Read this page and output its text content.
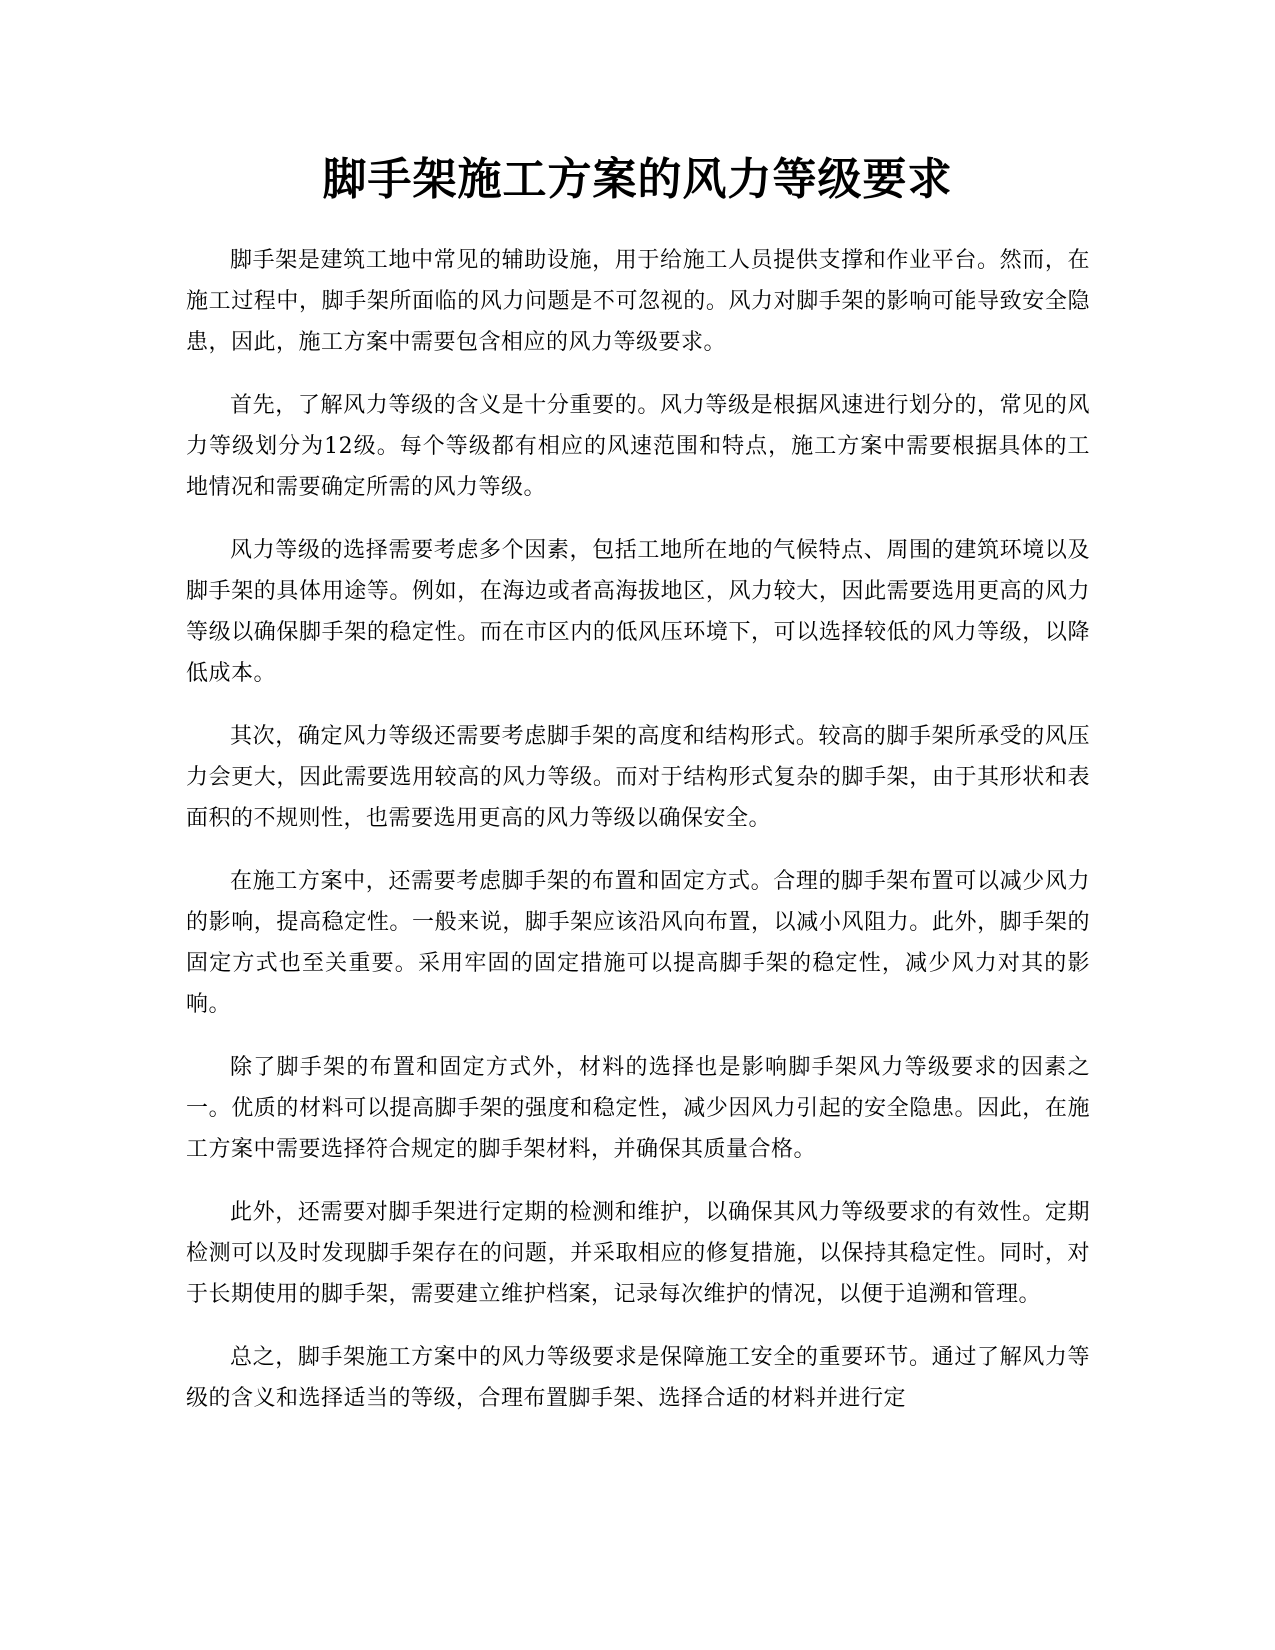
脚手架施工方案的风力等级要求

脚手架是建筑工地中常见的辅助设施，用于给施工人员提供支撑和作业平台。然而，在施工过程中，脚手架所面临的风力问题是不可忽视的。风力对脚手架的影响可能导致安全隐患，因此，施工方案中需要包含相应的风力等级要求。

首先，了解风力等级的含义是十分重要的。风力等级是根据风速进行划分的，常见的风力等级划分为12级。每个等级都有相应的风速范围和特点，施工方案中需要根据具体的工地情况和需要确定所需的风力等级。

风力等级的选择需要考虑多个因素，包括工地所在地的气候特点、周围的建筑环境以及脚手架的具体用途等。例如，在海边或者高海拔地区，风力较大，因此需要选用更高的风力等级以确保脚手架的稳定性。而在市区内的低风压环境下，可以选择较低的风力等级，以降低成本。

其次，确定风力等级还需要考虑脚手架的高度和结构形式。较高的脚手架所承受的风压力会更大，因此需要选用较高的风力等级。而对于结构形式复杂的脚手架，由于其形状和表面积的不规则性，也需要选用更高的风力等级以确保安全。

在施工方案中，还需要考虑脚手架的布置和固定方式。合理的脚手架布置可以减少风力的影响，提高稳定性。一般来说，脚手架应该沿风向布置，以减小风阻力。此外，脚手架的固定方式也至关重要。采用牢固的固定措施可以提高脚手架的稳定性，减少风力对其的影响。

除了脚手架的布置和固定方式外，材料的选择也是影响脚手架风力等级要求的因素之一。优质的材料可以提高脚手架的强度和稳定性，减少因风力引起的安全隐患。因此，在施工方案中需要选择符合规定的脚手架材料，并确保其质量合格。

此外，还需要对脚手架进行定期的检测和维护，以确保其风力等级要求的有效性。定期检测可以及时发现脚手架存在的问题，并采取相应的修复措施，以保持其稳定性。同时，对于长期使用的脚手架，需要建立维护档案，记录每次维护的情况，以便于追溯和管理。

总之，脚手架施工方案中的风力等级要求是保障施工安全的重要环节。通过了解风力等级的含义和选择适当的等级，合理布置脚手架、选择合适的材料并进行定
